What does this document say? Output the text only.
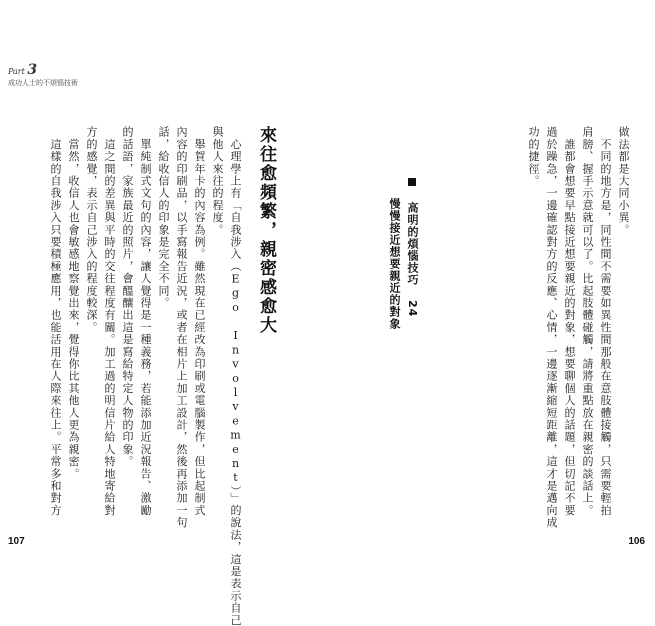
Part 3
成功人士的不煩惱技術
做法都是大同小異。
　不同的地方是，同性間不需要如異性間那般在意肢體接觸，只需要輕拍
肩膀、握手示意就可以了。比起肢體碰觸，請將重點放在親密的談話上。
　誰都會想要早點接近想要親近的對象，想要聊個人的話題，但切記不要
過於躁急，一邊確認對方的反應、心情，一邊逐漸縮短距離，這才是邁向成
功的捷徑。
高明的煩惱技巧 24
慢慢接近想要親近的對象
來往愈頻繁，親密感愈大
　心理學上有「自我涉入（Ego Involvement）」的說法，這是表示自己
與他人來往的程度。
　舉賀年卡的內容為例。雖然現在已經改為印刷或電腦製作，但比起制式
內容的印刷品，以手寫報告近況，或者在相片上加工設計，然後再添加一句
話，給收信人的印象是完全不同。
　單純制式文句的內容，讓人覺得是一種義務，若能添加近況報告、激勵
的話語，家族最近的照片，會醞釀出這是寫給特定人物的印象。
　這之間的差異與平時的交往程度有關。加工過的明信片給人特地寄給對
方的感覺，表示自己涉入的程度較深。
　當然，收信人也會敏感地察覺出來，覺得你比其他人更為親密。
　這樣的自我涉入只要積極應用，也能活用在人際來往上。平常多和對方
107	106
